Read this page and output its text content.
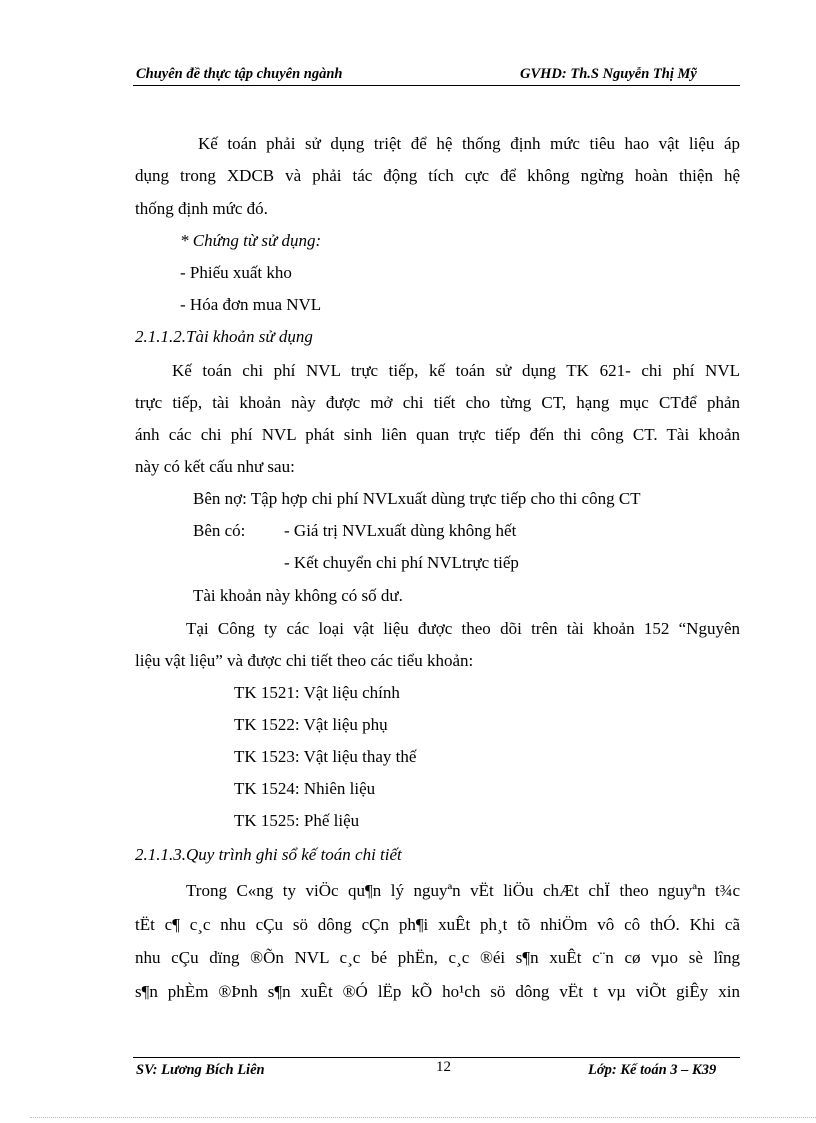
Chuyên đề thực tập chuyên ngành	GVHD: Th.S Nguyễn Thị Mỹ
Kế toán phải sử dụng triệt để hệ thống định mức tiêu hao vật liệu áp
dụng trong XDCB và phải tác động tích cực để không ngừng hoàn thiện hệ
thống định mức đó.
* Chứng từ sử dụng:
- Phiếu xuất kho
- Hóa đơn mua NVL
2.1.1.2.Tài khoản sử dụng
Kế toán chi phí NVL trực tiếp, kế toán sử dụng TK 621- chi phí NVL
trực tiếp, tài khoản này được mở chi tiết cho từng CT, hạng mục CTđể phản
ánh các chi phí NVL phát sinh liên quan trực tiếp đến thi công CT. Tài khoản
này có kết cấu như sau:
Bên nợ: Tập hợp chi phí NVLxuất dùng trực tiếp cho thi công CT
Bên có: - Giá trị NVLxuất dùng không hết
- Kết chuyển chi phí NVLtrực tiếp
Tài khoản này không có số dư.
Tại Công ty các loại vật liệu được theo dõi trên tài khoản 152 “Nguyên
liệu vật liệu” và được chi tiết theo các tiểu khoản:
TK 1521: Vật liệu chính
TK 1522: Vật liệu phụ
TK 1523: Vật liệu thay thế
TK 1524: Nhiên liệu
TK 1525: Phế liệu
2.1.1.3.Quy trình ghi sổ kế toán chi tiết
Trong C«ng ty viÖc qu¶n lý nguyªn vËt liÖu chÆt chÏ theo nguyªn t¾c
tËt c¶ c¸c nhu cÇu sö dông cÇn ph¶i xuÊt ph¸t tõ nhiÖm vô cô thÓ. Khi cã
nhu cÇu dïng ®Õn NVL c¸c bé phËn, c¸c ®éi s¶n xuÊt c¨n cø vµo sè lîng
s¶n phÈm ®Þnh s¶n xuÊt ®Ó lËp kÕ ho¹ch sö dông vËt t vµ viÕt giÊy xin
SV: Lương Bích Liên	12	Lớp: Kế toán 3 – K39
